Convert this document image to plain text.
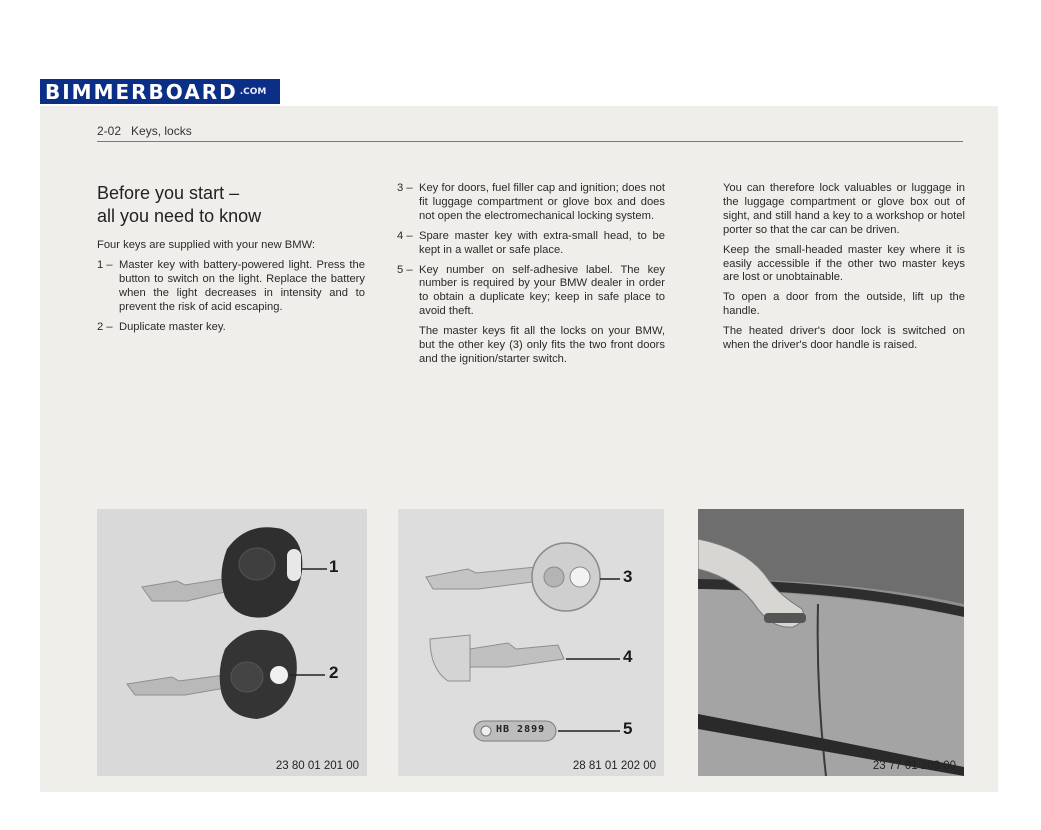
BIMMERBOARD .COM
2-02   Keys, locks
Before you start –
all you need to know

Four keys are supplied with your new BMW:

1 – Master key with battery-powered light. Press the button to switch on the light. Replace the battery when the light decreases in intensity and to prevent the risk of acid escaping.
2 – Duplicate master key.
3 – Key for doors, fuel filler cap and ignition; does not fit luggage compartment or glove box and does not open the electromechanical locking system.
4 – Spare master key with extra-small head, to be kept in a wallet or safe place.
5 – Key number on self-adhesive label. The key number is required by your BMW dealer in order to obtain a duplicate key; keep in safe place to avoid theft.

The master keys fit all the locks on your BMW, but the other key (3) only fits the two front doors and the ignition/starter switch.

You can therefore lock valuables or luggage in the luggage compartment or glove box out of sight, and still hand a key to a workshop or hotel porter so that the car can be driven.

Keep the small-headed master key where it is easily accessible if the other two master keys are lost or unobtainable.

To open a door from the outside, lift up the handle.

The heated driver's door lock is switched on when the driver's door handle is raised.

1
2
23 80 01 201 00
HB 2899
3
4
5
28 81 01 202 00	23 77 01 203 00
